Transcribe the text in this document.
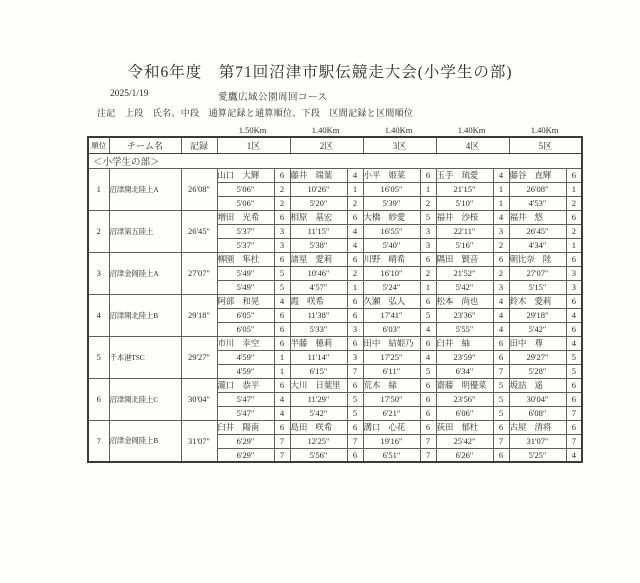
令和6年度　第71回沼津市駅伝競走大会(小学生の部)
2025/1/19	愛鷹広域公園周回コース
注記　上段　氏名、中段　通算記録と通算順位、下段　区間記録と区間順位
1.50Km	1.40Km	1.40Km	1.40Km	1.40Km
順位	チーム名	記録	1区		2区		3区		4区		5区	
＜小学生の部＞												
1	沼津開北陸上A	26'08″	山口　大輝	6	藤井　瑞葉	4	小平　姫菜	6	玉手　琉愛	4	藤谷　直輝	6
			5'06″	2	10'26″	1	16'05″	1	21'15″	1	26'08″	1
			5'06″	2	5'20″	2	5'39″	2	5'10″	1	4'53″	2
2	沼津第五陸上	26'45″	増田　光希	6	相原　基宏	6	大橋　紗愛	5	福井　沙桜	4	福井　悠	6
			5'37″	3	11'15″	4	16'55″	3	22'11″	3	26'45″	2
			5'37″	3	5'38″	4	5'40″	3	5'16″	2	4'34″	1
3	沼津金岡陸上A	27'07″	柳園　隼杜	6	諸星　愛莉	6	川野　晴希	6	隅田　賢音	6	朝比奈　陸	6
			5'49″	5	10'46″	2	16'10″	2	21'52″	2	27'07″	3
			5'49″	5	4'57″	1	5'24″	1	5'42″	3	5'15″	3
4	沼津開北陸上B	29'18″	阿部　和晃	4	霞　咲希	6	久瀬　弘人	6	松本　尚也	4	鈴木　愛莉	6
			6'05″	6	11'38″	6	17'41″	5	23'36″	4	29'18″	4
			6'05″	6	5'33″	3	6'03″	4	5'55″	4	5'42″	6
5	千本港TSC	29'27″	市川　幸空	6	半藤　穂莉	6	田中　結姫乃	6	臼井　紬	6	田中　尊	4
			4'59″	1	11'14″	3	17'25″	4	23'59″	6	29'27″	5
			4'59″	1	6'15″	7	6'11″	5	6'34″	7	5'28″	5
6	沼津開北陸上C	30'04″	瀧口　恭平	6	大川　日葉里	6	荒木　緑	6	齋藤　明優菜	5	坂詰　遥	6
			5'47″	4	11'29″	5	17'50″	6	23'56″	5	30'04″	6
			5'47″	4	5'42″	5	6'21″	6	6'06″	5	6'08″	7
7	沼津金岡陸上B	31'07″	臼井　陽南	6	島田　咲希	6	溝口　心花	6	荻田　郁杜	6	古屋　清将	6
			6'29″	7	12'25″	7	19'16″	7	25'42″	7	31'07″	7
			6'29″	7	5'56″	6	6'51″	7	6'26″	6	5'25″	4
